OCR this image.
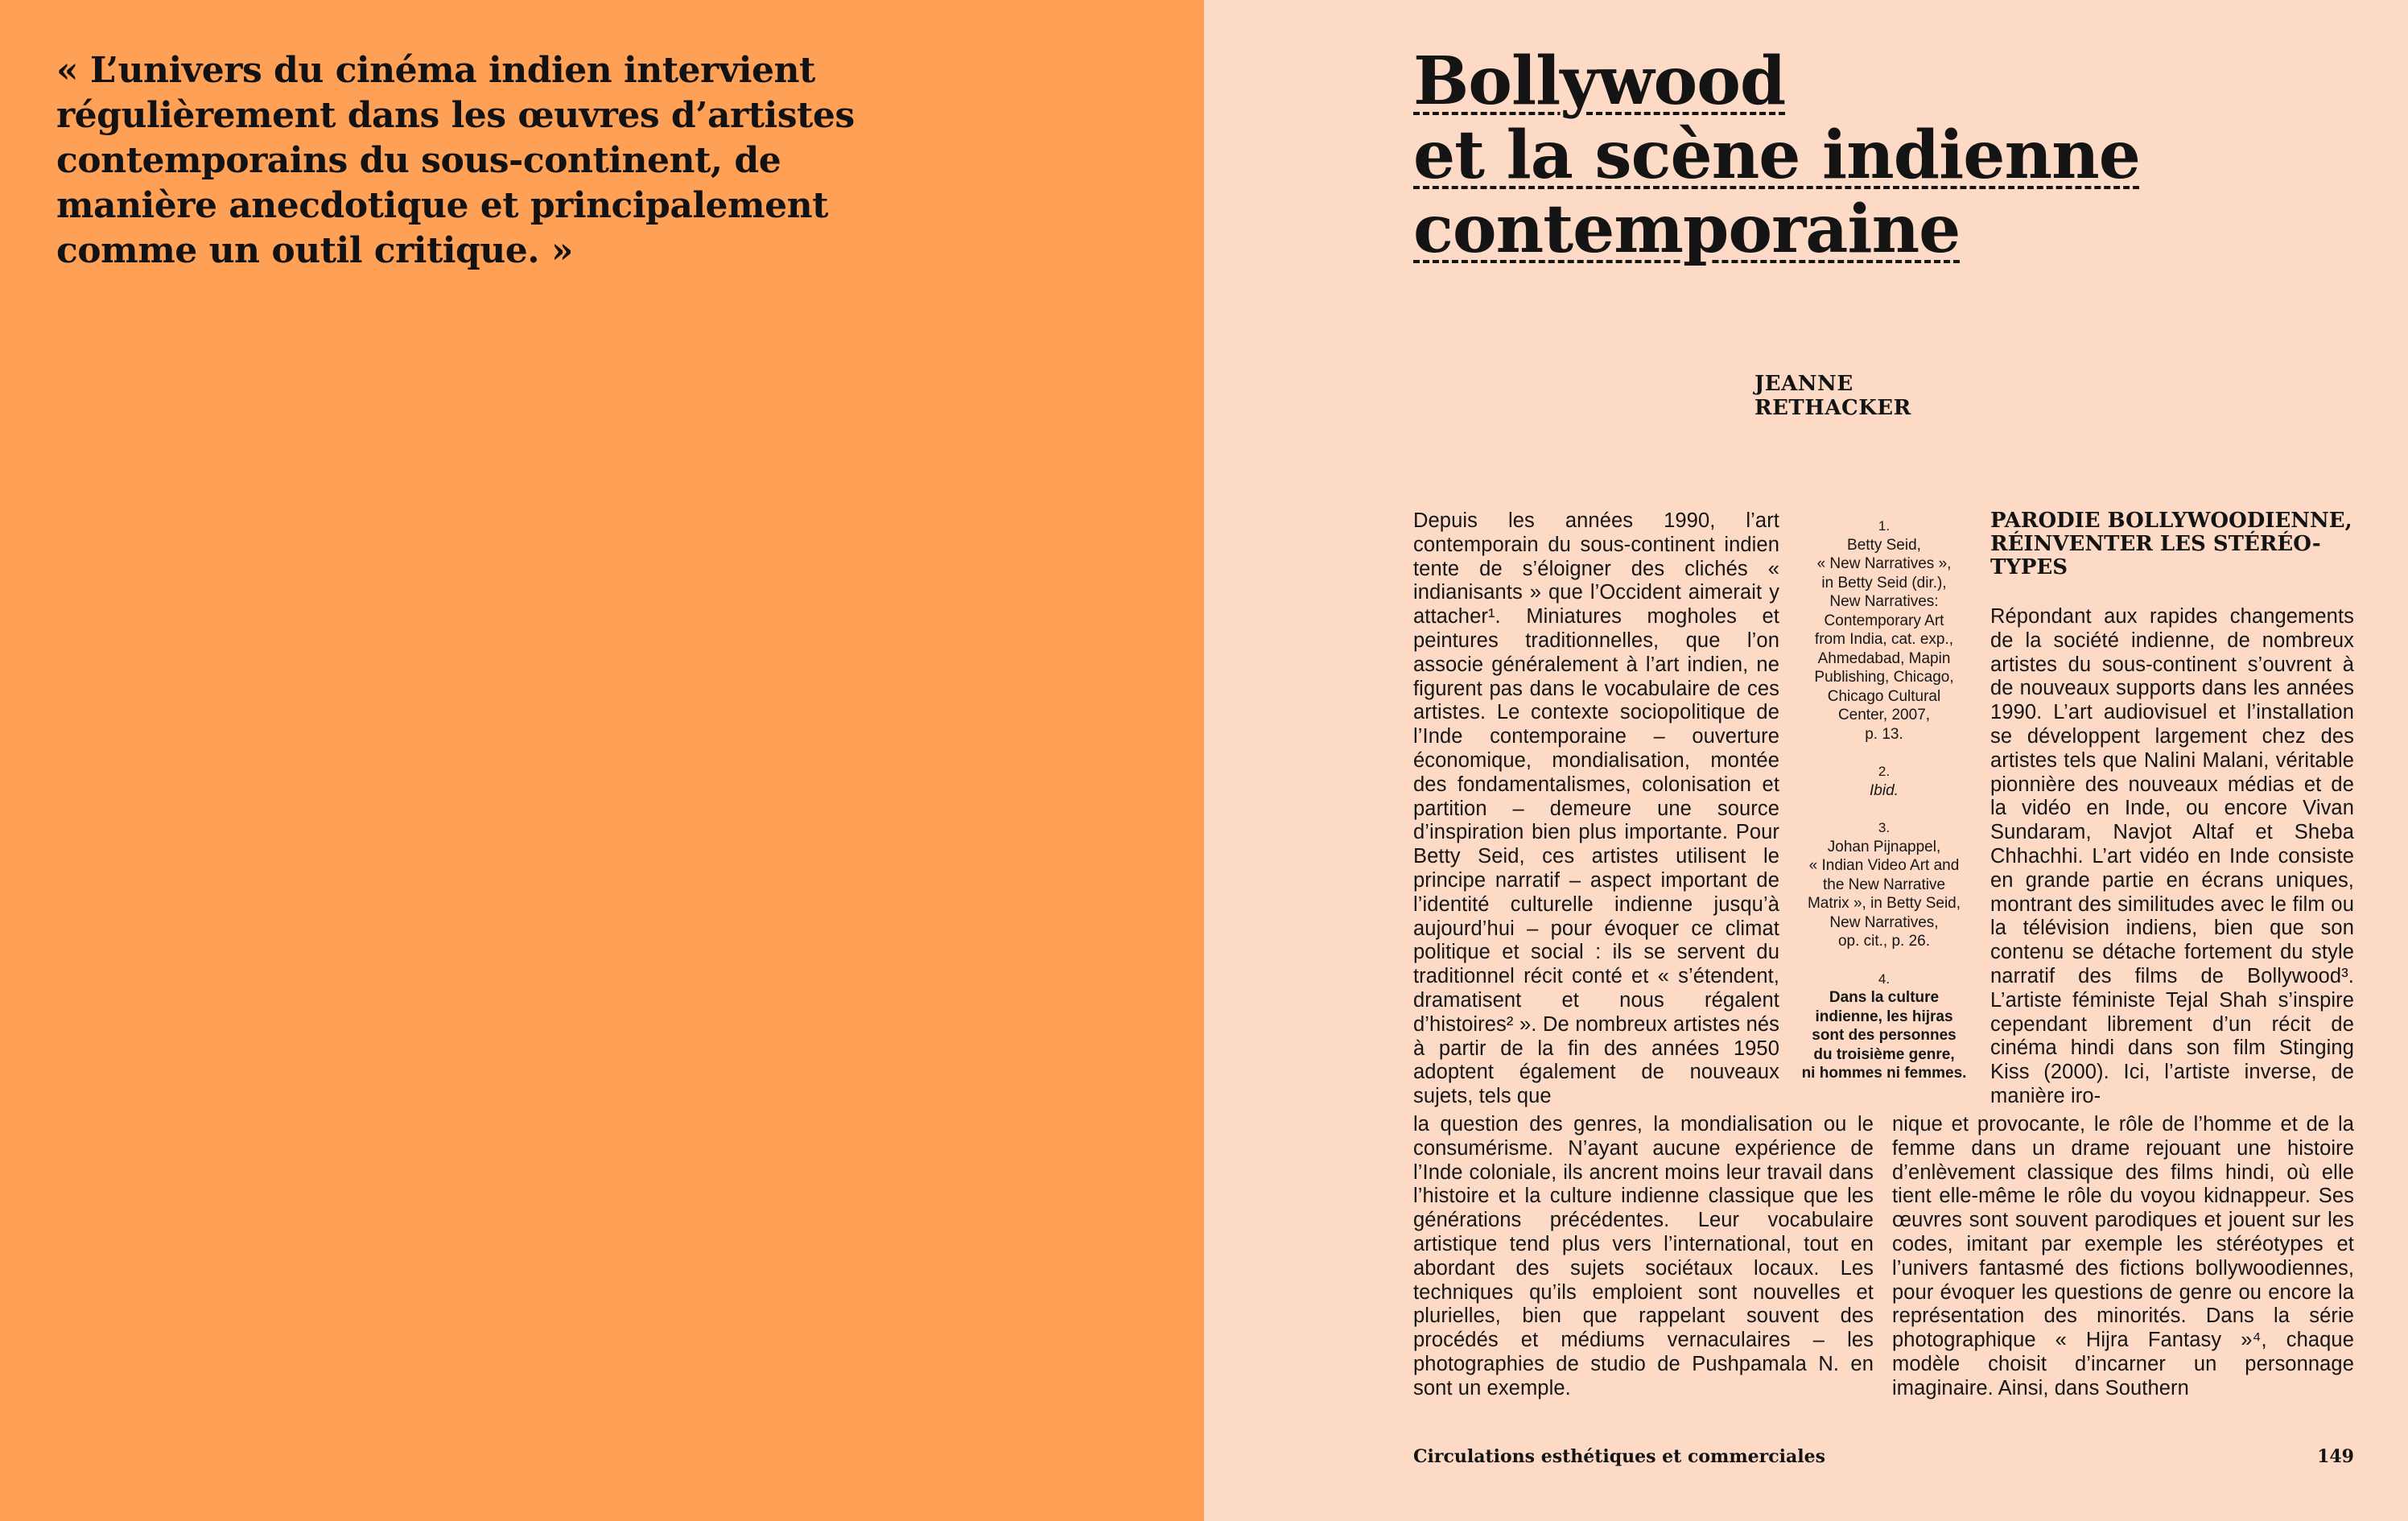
« L’univers du cinéma indien intervient
régulièrement dans les œuvres d’artistes
contemporains du sous-continent, de
manière anecdotique et principalement
comme un outil critique. »
Bollywood
et la scène indienne
contemporaine
JEANNE RETHACKER

Depuis les années 1990, l’art contemporain du sous-continent indien tente de s’éloigner des clichés « indianisants » que l’Occident aimerait y attacher¹. Miniatures mogholes et peintures traditionnelles, que l’on associe généralement à l’art indien, ne figurent pas dans le vocabulaire de ces artistes. Le contexte sociopolitique de l’Inde contemporaine – ouverture économique, mondialisation, montée des fondamentalismes, colonisation et partition – demeure une source d’inspiration bien plus importante. Pour Betty Seid, ces artistes utilisent le principe narratif – aspect important de l’identité culturelle indienne jusqu’à aujourd’hui – pour évoquer ce climat politique et social : ils se servent du traditionnel récit conté et « s’étendent, dramatisent et nous régalent d’histoires² ». De nombreux artistes nés à partir de la fin des années 1950 adoptent également de nouveaux sujets, tels que

1.
Betty Seid,
« New Narratives »,
in Betty Seid (dir.),
New Narratives:
Contemporary Art
from India, cat. exp.,
Ahmedabad, Mapin
Publishing, Chicago,
Chicago Cultural
Center, 2007,
p. 13.
2.
Ibid.
3.
Johan Pijnappel,
« Indian Video Art and
the New Narrative
Matrix », in Betty Seid,
New Narratives,
op. cit., p. 26.
4.
Dans la culture
indienne, les hijras
sont des personnes
du troisième genre,
ni hommes ni femmes.
PARODIE BOLLYWOODIENNE,
RÉINVENTER LES STÉRÉO-
TYPES

Répondant aux rapides changements de la société indienne, de nombreux artistes du sous-continent s’ouvrent à de nouveaux supports dans les années 1990. L’art audiovisuel et l’installation se développent largement chez des artistes tels que Nalini Malani, véritable pionnière des nouveaux médias et de la vidéo en Inde, ou encore Vivan Sundaram, Navjot Altaf et Sheba Chhachhi. L’art vidéo en Inde consiste en grande partie en écrans uniques, montrant des similitudes avec le film ou la télévision indiens, bien que son contenu se détache fortement du style narratif des films de Bollywood³. L’artiste féministe Tejal Shah s’inspire cependant librement d’un récit de cinéma hindi dans son film Stinging Kiss (2000). Ici, l’artiste inverse, de manière iro-

la question des genres, la mondialisation ou le consumérisme. N’ayant aucune expérience de l’Inde coloniale, ils ancrent moins leur travail dans l’histoire et la culture indienne classique que les générations précédentes. Leur vocabulaire artistique tend plus vers l’international, tout en abordant des sujets sociétaux locaux. Les techniques qu’ils emploient sont nouvelles et plurielles, bien que rappelant souvent des procédés et médiums vernaculaires – les photographies de studio de Pushpamala N. en sont un exemple.

nique et provocante, le rôle de l’homme et de la femme dans un drame rejouant une histoire d’enlèvement classique des films hindi, où elle tient elle-même le rôle du voyou kidnappeur. Ses œuvres sont souvent parodiques et jouent sur les codes, imitant par exemple les stéréotypes et l’univers fantasmé des fictions bollywoodiennes, pour évoquer les questions de genre ou encore la représentation des minorités. Dans la série photographique « Hijra Fantasy »⁴, chaque modèle choisit d’incarner un personnage imaginaire. Ainsi, dans Southern

Circulations esthétiques et commerciales	149
